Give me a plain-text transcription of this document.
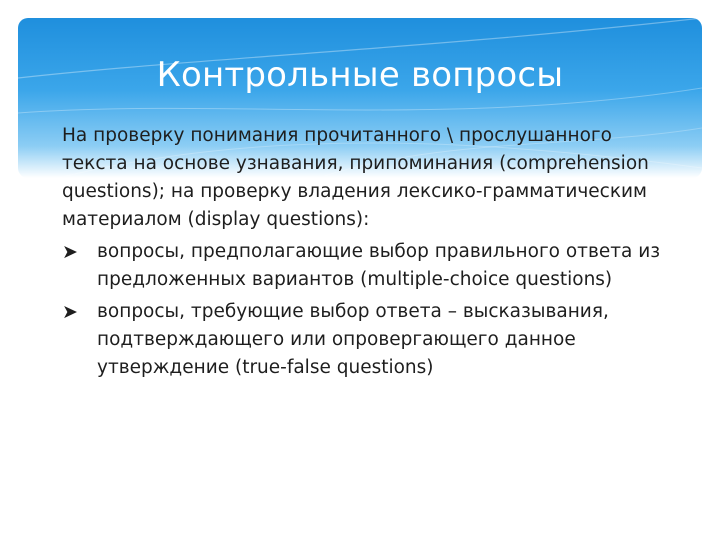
Контрольные вопросы

На проверку понимания прочитанного \ прослушанного текста на основе узнавания, припоминания (comprehension questions); на проверку владения лексико-грамматическим материалом (display questions):

➤ вопросы, предполагающие выбор правильного ответа из предложенных вариантов (multiple-choice questions)
➤ вопросы, требующие выбор ответа – высказывания, подтверждающего или опровергающего данное утверждение (true-false questions)
